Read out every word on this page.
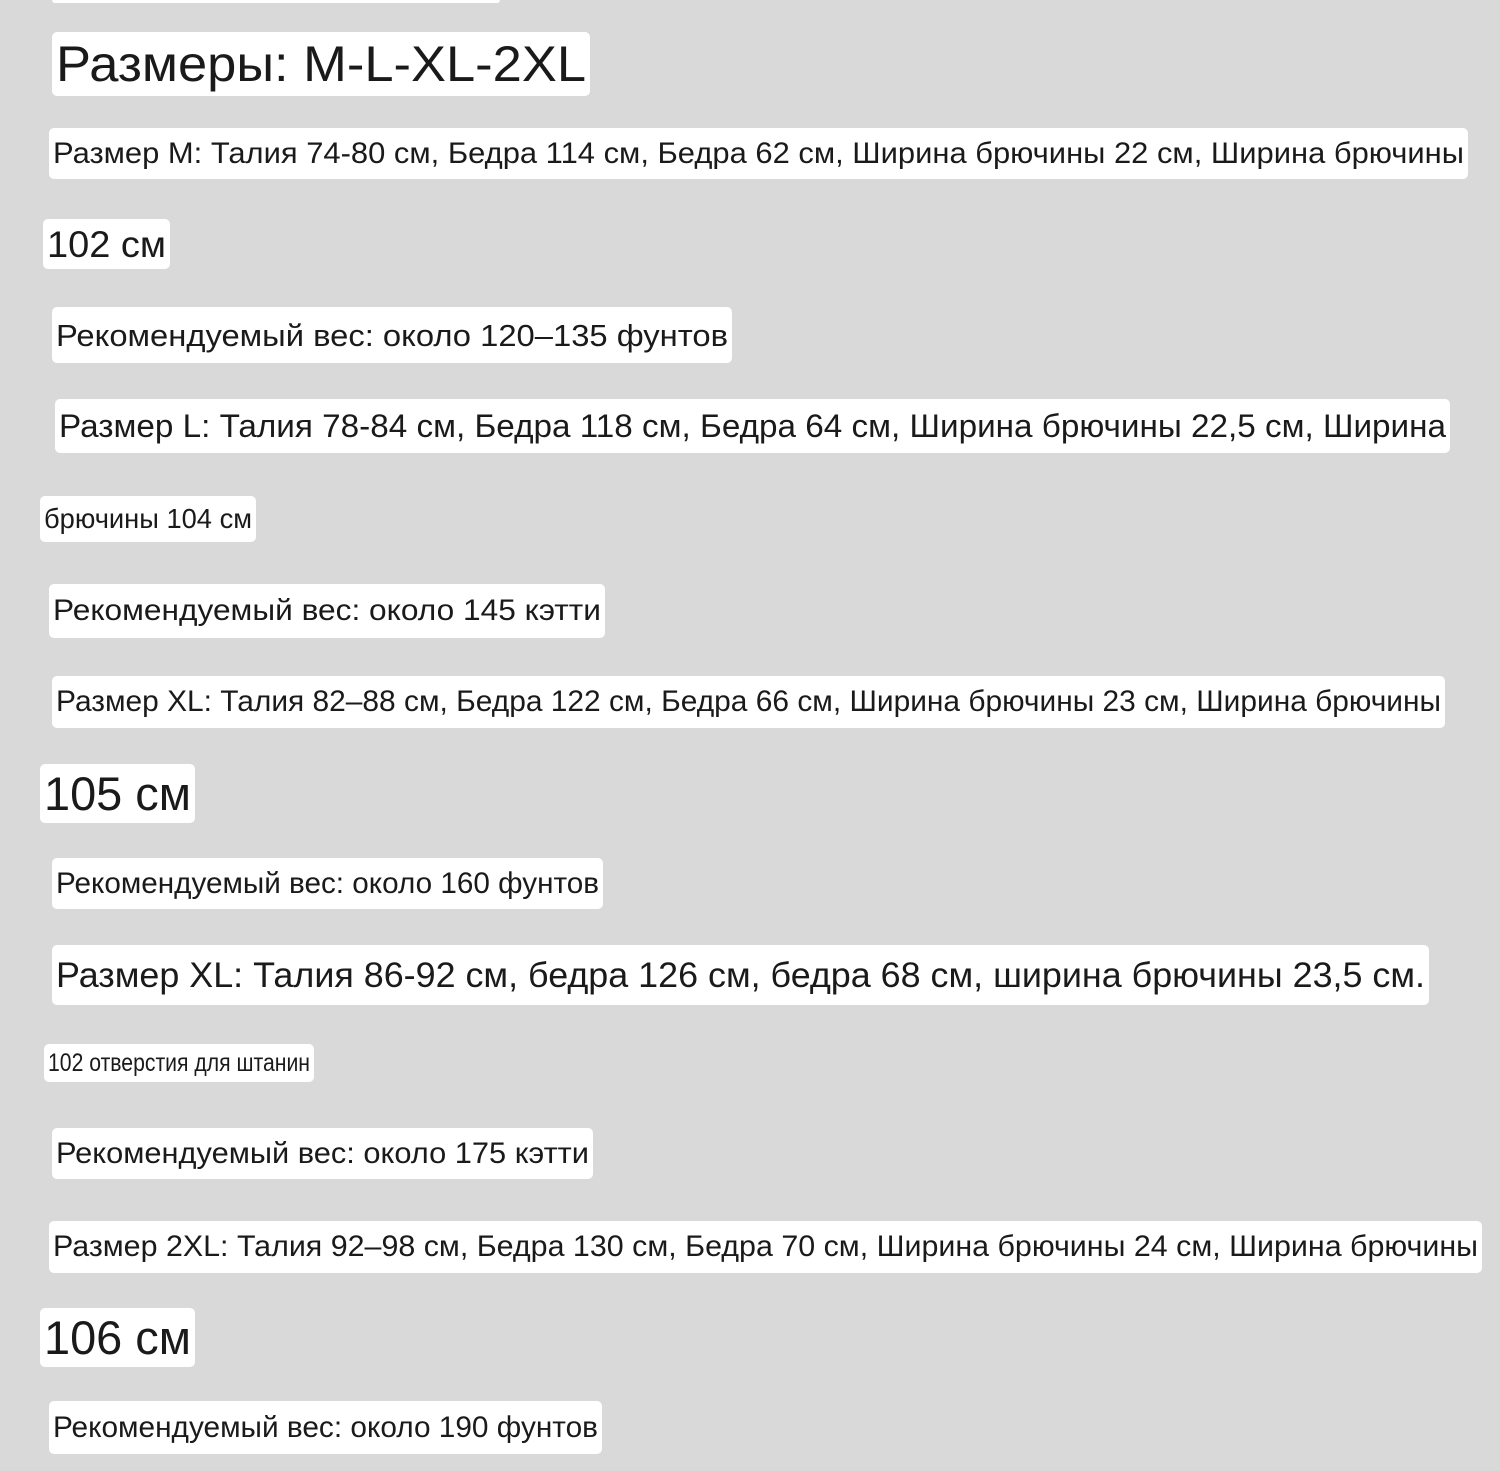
Размеры: M-L-XL-2XL
Размер M: Талия 74-80 см, Бедра 114 см, Бедра 62 см, Ширина брючины 22 см, Ширина брючины
102 см
Рекомендуемый вес: около 120–135 фунтов
Размер L: Талия 78-84 см, Бедра 118 см, Бедра 64 см, Ширина брючины 22,5 см, Ширина
брючины 104 см
Рекомендуемый вес: около 145 кэтти
Размер XL: Талия 82–88 см, Бедра 122 см, Бедра 66 см, Ширина брючины 23 см, Ширина брючины
105 см
Рекомендуемый вес: около 160 фунтов
Размер XL: Талия 86-92 см, бедра 126 см, бедра 68 см, ширина брючины 23,5 см.
102 отверстия для штанин
Рекомендуемый вес: около 175 кэтти
Размер 2XL: Талия 92–98 см, Бедра 130 см, Бедра 70 см, Ширина брючины 24 см, Ширина брючины
106 см
Рекомендуемый вес: около 190 фунтов
